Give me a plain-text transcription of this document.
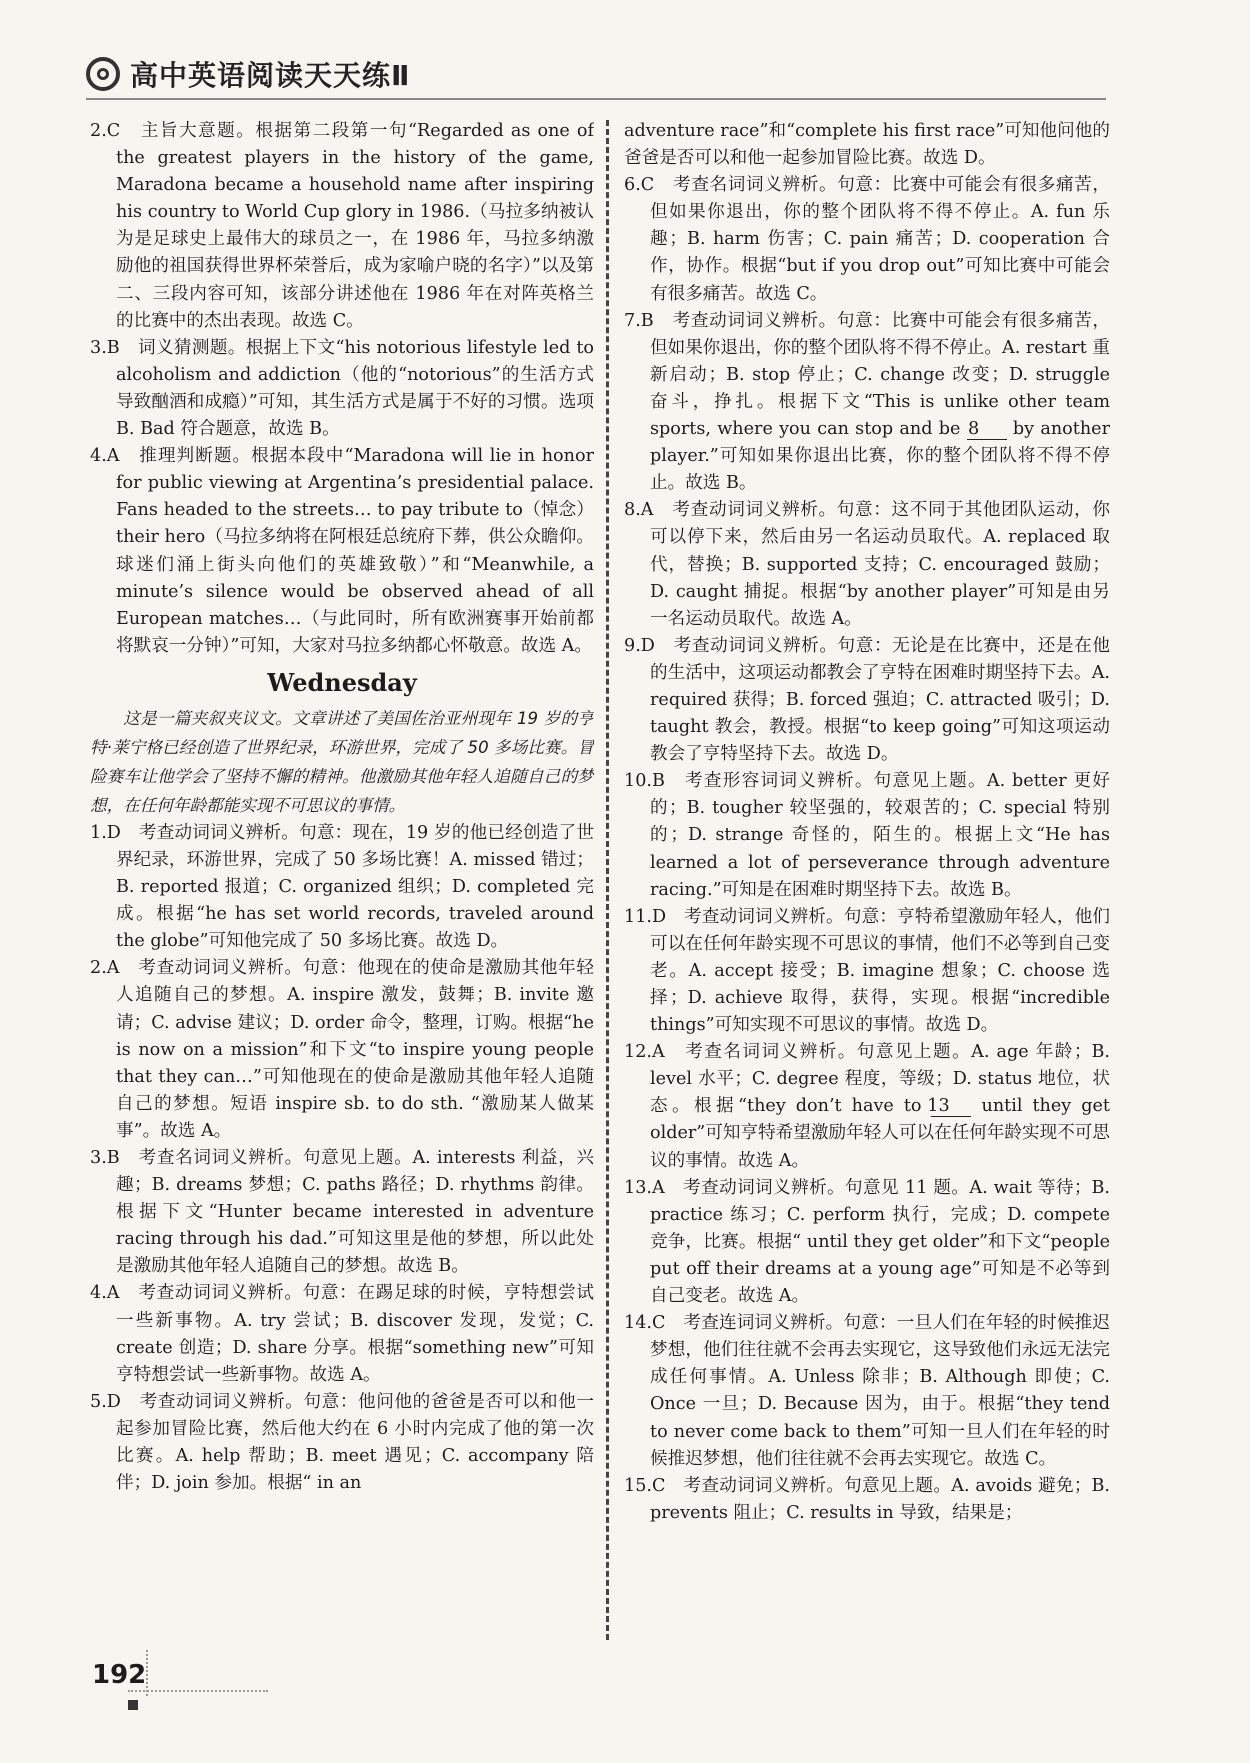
高中英语阅读天天练Ⅱ
2.C　主旨大意题。根据第二段第一句“Regarded as one of the greatest players in the history of the game, Maradona became a household name after inspiring his country to World Cup glory in 1986.（马拉多纳被认为是足球史上最伟大的球员之一，在 1986 年，马拉多纳激励他的祖国获得世界杯荣誉后，成为家喻户晓的名字）”以及第二、三段内容可知，该部分讲述他在 1986 年在对阵英格兰的比赛中的杰出表现。故选 C。
3.B　词义猜测题。根据上下文“his notorious lifestyle led to alcoholism and addiction（他的“notorious”的生活方式导致酗酒和成瘾）”可知，其生活方式是属于不好的习惯。选项 B. Bad 符合题意，故选 B。
4.A　推理判断题。根据本段中“Maradona will lie in honor for public viewing at Argentina’s presidential palace. Fans headed to the streets… to pay tribute to（悼念）their hero（马拉多纳将在阿根廷总统府下葬，供公众瞻仰。球迷们涌上街头向他们的英雄致敬）”和“Meanwhile, a minute’s silence would be observed ahead of all European matches…（与此同时，所有欧洲赛事开始前都将默哀一分钟）”可知，大家对马拉多纳都心怀敬意。故选 A。
Wednesday

这是一篇夹叙夹议文。文章讲述了美国佐治亚州现年 19 岁的亨特·莱宁格已经创造了世界纪录，环游世界，完成了 50 多场比赛。冒险赛车让他学会了坚持不懈的精神。他激励其他年轻人追随自己的梦想，在任何年龄都能实现不可思议的事情。

1.D　考查动词词义辨析。句意：现在，19 岁的他已经创造了世界纪录，环游世界，完成了 50 多场比赛！A. missed 错过；B. reported 报道；C. organized 组织；D. completed 完成。根据“he has set world records, traveled around the globe”可知他完成了 50 多场比赛。故选 D。
2.A　考查动词词义辨析。句意：他现在的使命是激励其他年轻人追随自己的梦想。A. inspire 激发，鼓舞；B. invite 邀请；C. advise 建议；D. order 命令，整理，订购。根据“he is now on a mission”和下文“to inspire young people that they can…”可知他现在的使命是激励其他年轻人追随自己的梦想。短语 inspire sb. to do sth. “激励某人做某事”。故选 A。
3.B　考查名词词义辨析。句意见上题。A. interests 利益，兴趣；B. dreams 梦想；C. paths 路径；D. rhythms 韵律。根据下文“Hunter became interested in adventure racing through his dad.”可知这里是他的梦想，所以此处是激励其他年轻人追随自己的梦想。故选 B。
4.A　考查动词词义辨析。句意：在踢足球的时候，亨特想尝试一些新事物。A. try 尝试；B. discover 发现，发觉；C. create 创造；D. share 分享。根据“something new”可知亨特想尝试一些新事物。故选 A。
5.D　考查动词词义辨析。句意：他问他的爸爸是否可以和他一起参加冒险比赛，然后他大约在 6 小时内完成了他的第一次比赛。A. help 帮助；B. meet 遇见；C. accompany 陪伴；D. join 参加。根据“ in an

adventure race”和“complete his first race”可知他问他的爸爸是否可以和他一起参加冒险比赛。故选 D。

6.C　考查名词词义辨析。句意：比赛中可能会有很多痛苦，但如果你退出，你的整个团队将不得不停止。A. fun 乐趣；B. harm 伤害；C. pain 痛苦；D. cooperation 合作，协作。根据“but if you drop out”可知比赛中可能会有很多痛苦。故选 C。
7.B　考查动词词义辨析。句意：比赛中可能会有很多痛苦，但如果你退出，你的整个团队将不得不停止。A. restart 重新启动；B. stop 停止；C. change 改变；D. struggle 奋斗，挣扎。根据下文“This is unlike other team sports, where you can stop and be 8 by another player.”可知如果你退出比赛，你的整个团队将不得不停止。故选 B。
8.A　考查动词词义辨析。句意：这不同于其他团队运动，你可以停下来，然后由另一名运动员取代。A. replaced 取代，替换；B. supported 支持；C. encouraged 鼓励；D. caught 捕捉。根据“by another player”可知是由另一名运动员取代。故选 A。
9.D　考查动词词义辨析。句意：无论是在比赛中，还是在他的生活中，这项运动都教会了亨特在困难时期坚持下去。A. required 获得；B. forced 强迫；C. attracted 吸引；D. taught 教会，教授。根据“to keep going”可知这项运动教会了亨特坚持下去。故选 D。
10.B　考查形容词词义辨析。句意见上题。A. better 更好的；B. tougher 较坚强的，较艰苦的；C. special 特别的；D. strange 奇怪的，陌生的。根据上文“He has learned a lot of perseverance through adventure racing.”可知是在困难时期坚持下去。故选 B。
11.D　考查动词词义辨析。句意：亨特希望激励年轻人，他们可以在任何年龄实现不可思议的事情，他们不必等到自己变老。A. accept 接受；B. imagine 想象；C. choose 选择；D. achieve 取得，获得，实现。根据“incredible things”可知实现不可思议的事情。故选 D。
12.A　考查名词词义辨析。句意见上题。A. age 年龄；B. level 水平；C. degree 程度，等级；D. status 地位，状态。根据“they don’t have to 13 until they get older”可知亨特希望激励年轻人可以在任何年龄实现不可思议的事情。故选 A。
13.A　考查动词词义辨析。句意见 11 题。A. wait 等待；B. practice 练习；C. perform 执行，完成；D. compete 竞争，比赛。根据“ until they get older”和下文“people put off their dreams at a young age”可知是不必等到自己变老。故选 A。
14.C　考查连词词义辨析。句意：一旦人们在年轻的时候推迟梦想，他们往往就不会再去实现它，这导致他们永远无法完成任何事情。A. Unless 除非；B. Although 即使；C. Once 一旦；D. Because 因为，由于。根据“they tend to never come back to them”可知一旦人们在年轻的时候推迟梦想，他们往往就不会再去实现它。故选 C。
15.C　考查动词词义辨析。句意见上题。A. avoids 避免；B. prevents 阻止；C. results in 导致，结果是；
192
